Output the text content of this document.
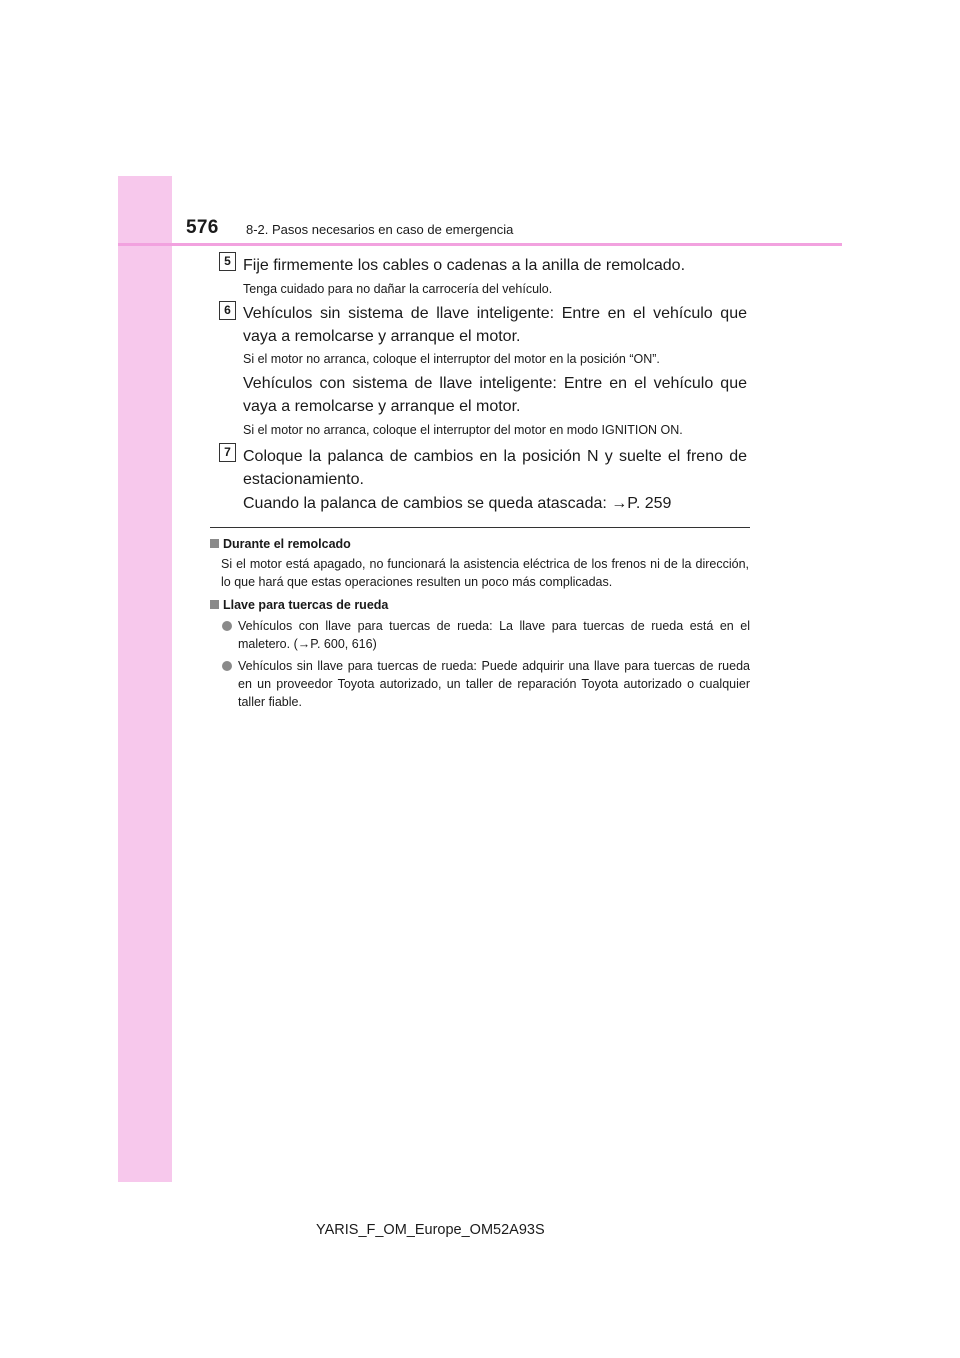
576 8-2. Pasos necesarios en caso de emergencia
5 Fije firmemente los cables o cadenas a la anilla de remolcado.

Tenga cuidado para no dañar la carrocería del vehículo.

6 Vehículos sin sistema de llave inteligente: Entre en el vehículo que vaya a remolcarse y arranque el motor.

Si el motor no arranca, coloque el interruptor del motor en la posición “ON”.

Vehículos con sistema de llave inteligente: Entre en el vehículo que vaya a remolcarse y arranque el motor.

Si el motor no arranca, coloque el interruptor del motor en modo IGNITION ON.

7 Coloque la palanca de cambios en la posición N y suelte el freno de estacionamiento.

Cuando la palanca de cambios se queda atascada: →P. 259

Durante el remolcado

Si el motor está apagado, no funcionará la asistencia eléctrica de los frenos ni de la dirección, lo que hará que estas operaciones resulten un poco más complicadas.

Llave para tuercas de rueda

Vehículos con llave para tuercas de rueda: La llave para tuercas de rueda está en el maletero. (→P. 600, 616)

Vehículos sin llave para tuercas de rueda: Puede adquirir una llave para tuercas de rueda en un proveedor Toyota autorizado, un taller de reparación Toyota autorizado o cualquier taller fiable.

YARIS_F_OM_Europe_OM52A93S
